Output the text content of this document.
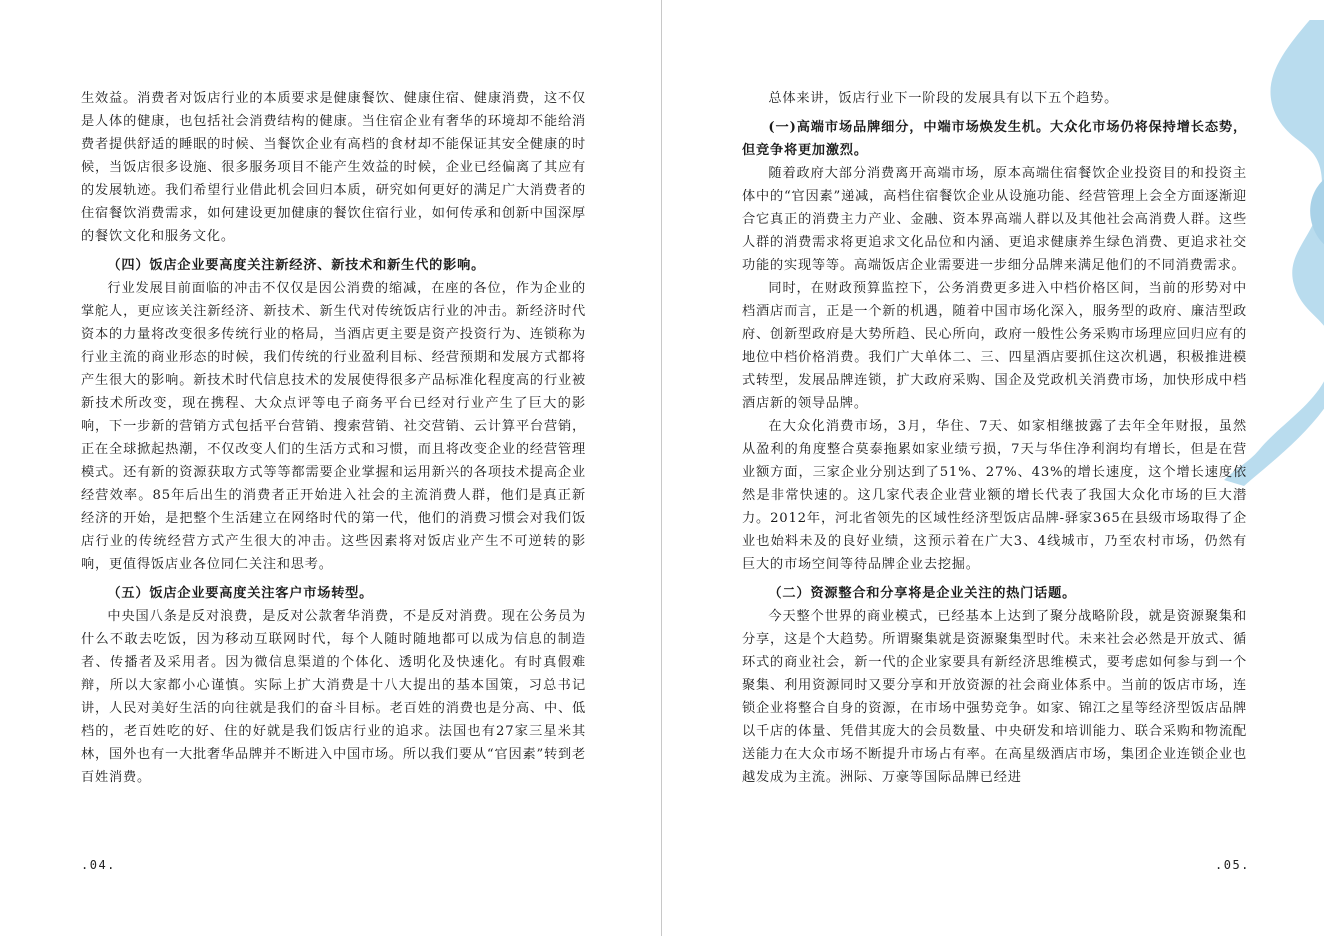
生效益。消费者对饭店行业的本质要求是健康餐饮、健康住宿、健康消费，这不仅是人体的健康，也包括社会消费结构的健康。当住宿企业有奢华的环境却不能给消费者提供舒适的睡眠的时候、当餐饮企业有高档的食材却不能保证其安全健康的时候，当饭店很多设施、很多服务项目不能产生效益的时候，企业已经偏离了其应有的发展轨迹。我们希望行业借此机会回归本质，研究如何更好的满足广大消费者的住宿餐饮消费需求，如何建设更加健康的餐饮住宿行业，如何传承和创新中国深厚的餐饮文化和服务文化。

（四）饭店企业要高度关注新经济、新技术和新生代的影响。

行业发展目前面临的冲击不仅仅是因公消费的缩减，在座的各位，作为企业的掌舵人，更应该关注新经济、新技术、新生代对传统饭店行业的冲击。新经济时代资本的力量将改变很多传统行业的格局，当酒店更主要是资产投资行为、连锁称为行业主流的商业形态的时候，我们传统的行业盈利目标、经营预期和发展方式都将产生很大的影响。新技术时代信息技术的发展使得很多产品标准化程度高的行业被新技术所改变，现在携程、大众点评等电子商务平台已经对行业产生了巨大的影响，下一步新的营销方式包括平台营销、搜索营销、社交营销、云计算平台营销，正在全球掀起热潮，不仅改变人们的生活方式和习惯，而且将改变企业的经营管理模式。还有新的资源获取方式等等都需要企业掌握和运用新兴的各项技术提高企业经营效率。85年后出生的消费者正开始进入社会的主流消费人群，他们是真正新经济的开始，是把整个生活建立在网络时代的第一代，他们的消费习惯会对我们饭店行业的传统经营方式产生很大的冲击。这些因素将对饭店业产生不可逆转的影响，更值得饭店业各位同仁关注和思考。

（五）饭店企业要高度关注客户市场转型。

中央国八条是反对浪费，是反对公款奢华消费，不是反对消费。现在公务员为什么不敢去吃饭，因为移动互联网时代，每个人随时随地都可以成为信息的制造者、传播者及采用者。因为微信息渠道的个体化、透明化及快速化。有时真假难辩，所以大家都小心谨慎。实际上扩大消费是十八大提出的基本国策，习总书记讲，人民对美好生活的向往就是我们的奋斗目标。老百姓的消费也是分高、中、低档的，老百姓吃的好、住的好就是我们饭店行业的追求。法国也有27家三星米其林，国外也有一大批奢华品牌并不断进入中国市场。所以我们要从“官因素”转到老百姓消费。

.04.

总体来讲，饭店行业下一阶段的发展具有以下五个趋势。

(一)高端市场品牌细分，中端市场焕发生机。大众化市场仍将保持增长态势，但竞争将更加激烈。

随着政府大部分消费离开高端市场，原本高端住宿餐饮企业投资目的和投资主体中的“官因素”递减，高档住宿餐饮企业从设施功能、经营管理上会全方面逐渐迎合它真正的消费主力产业、金融、资本界高端人群以及其他社会高消费人群。这些人群的消费需求将更追求文化品位和内涵、更追求健康养生绿色消费、更追求社交功能的实现等等。高端饭店企业需要进一步细分品牌来满足他们的不同消费需求。

同时，在财政预算监控下，公务消费更多进入中档价格区间，当前的形势对中档酒店而言，正是一个新的机遇，随着中国市场化深入，服务型的政府、廉洁型政府、创新型政府是大势所趋、民心所向，政府一般性公务采购市场理应回归应有的地位中档价格消费。我们广大单体二、三、四星酒店要抓住这次机遇，积极推进模式转型，发展品牌连锁，扩大政府采购、国企及党政机关消费市场，加快形成中档酒店新的领导品牌。

在大众化消费市场，3月，华住、7天、如家相继披露了去年全年财报，虽然从盈利的角度整合莫泰拖累如家业绩亏损，7天与华住净利润均有增长，但是在营业额方面，三家企业分别达到了51%、27%、43%的增长速度，这个增长速度依然是非常快速的。这几家代表企业营业额的增长代表了我国大众化市场的巨大潜力。2012年，河北省领先的区域性经济型饭店品牌-驿家365在县级市场取得了企业也始料未及的良好业绩，这预示着在广大3、4线城市，乃至农村市场，仍然有巨大的市场空间等待品牌企业去挖掘。

（二）资源整合和分享将是企业关注的热门话题。

今天整个世界的商业模式，已经基本上达到了聚分战略阶段，就是资源聚集和分享，这是个大趋势。所谓聚集就是资源聚集型时代。未来社会必然是开放式、循环式的商业社会，新一代的企业家要具有新经济思维模式，要考虑如何参与到一个聚集、利用资源同时又要分享和开放资源的社会商业体系中。当前的饭店市场，连锁企业将整合自身的资源，在市场中强势竞争。如家、锦江之星等经济型饭店品牌以千店的体量、凭借其庞大的会员数量、中央研发和培训能力、联合采购和物流配送能力在大众市场不断提升市场占有率。在高星级酒店市场，集团企业连锁企业也越发成为主流。洲际、万豪等国际品牌已经进

.05.
